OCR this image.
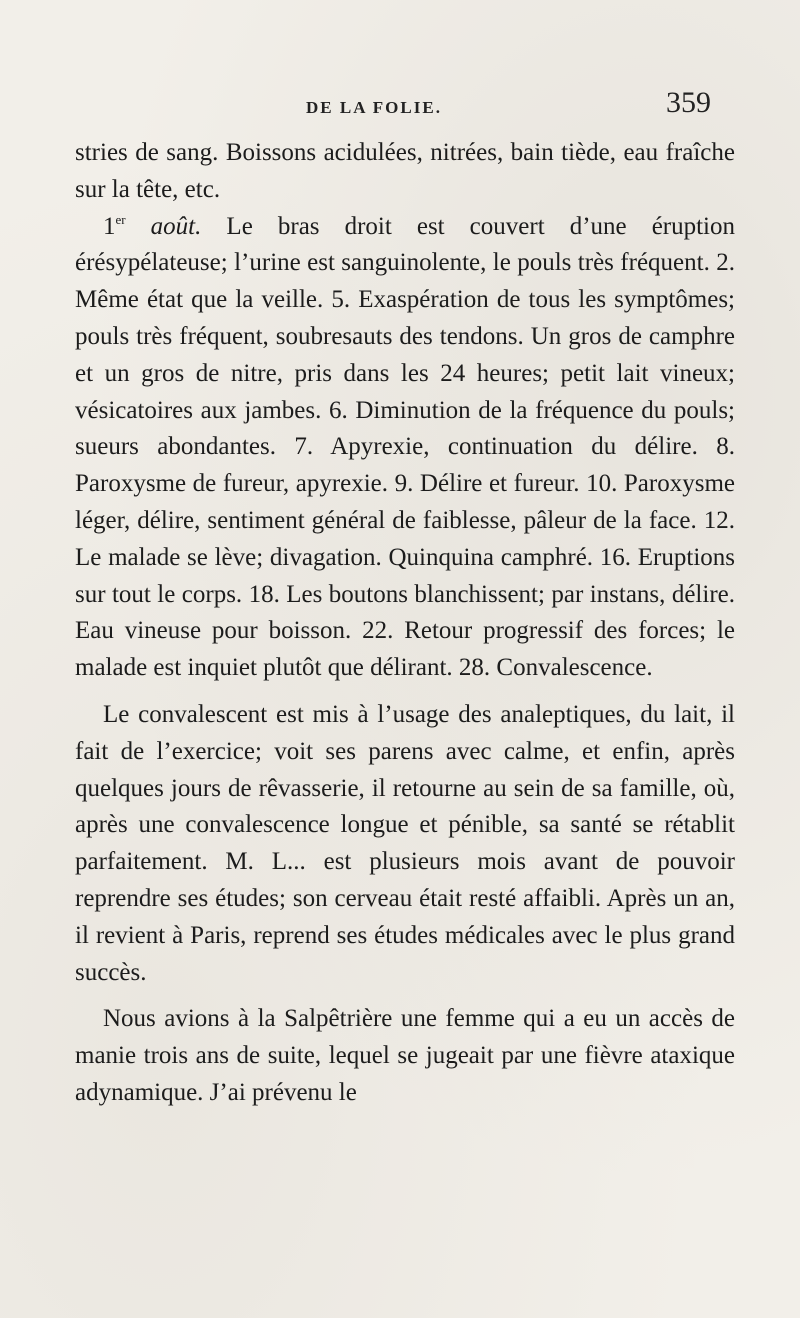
DE LA FOLIE.	359

stries de sang. Boissons acidulées, nitrées, bain tiède, eau fraîche sur la tête, etc.

1er août. Le bras droit est couvert d’une éruption érésypélateuse; l’urine est sanguinolente, le pouls très fréquent. 2. Même état que la veille. 5. Exaspération de tous les symptômes; pouls très fréquent, soubresauts des tendons. Un gros de camphre et un gros de nitre, pris dans les 24 heures; petit lait vineux; vésicatoires aux jambes. 6. Diminution de la fréquence du pouls; sueurs abondantes. 7. Apyrexie, continuation du délire. 8. Paroxysme de fureur, apyrexie. 9. Délire et fureur. 10. Paroxysme léger, délire, sentiment général de faiblesse, pâleur de la face. 12. Le malade se lève; divagation. Quinquina camphré. 16. Eruptions sur tout le corps. 18. Les boutons blanchissent; par instans, délire. Eau vineuse pour boisson. 22. Retour progressif des forces; le malade est inquiet plutôt que délirant. 28. Convalescence.

Le convalescent est mis à l’usage des analeptiques, du lait, il fait de l’exercice; voit ses parens avec calme, et enfin, après quelques jours de rêvasserie, il retourne au sein de sa famille, où, après une convalescence longue et pénible, sa santé se rétablit parfaitement. M. L... est plusieurs mois avant de pouvoir reprendre ses études; son cerveau était resté affaibli. Après un an, il revient à Paris, reprend ses études médicales avec le plus grand succès.

Nous avions à la Salpêtrière une femme qui a eu un accès de manie trois ans de suite, lequel se jugeait par une fièvre ataxique adynamique. J’ai prévenu le
